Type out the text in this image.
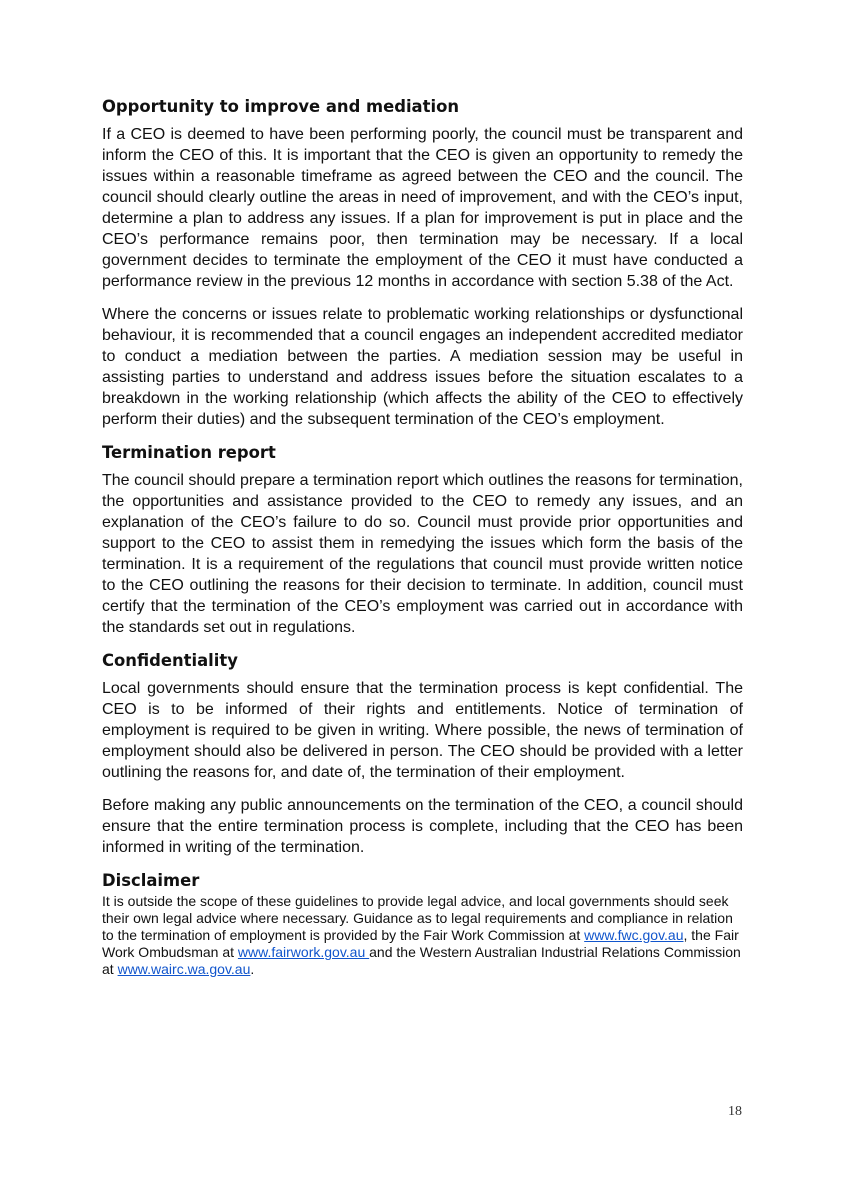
Opportunity to improve and mediation

If a CEO is deemed to have been performing poorly, the council must be transparent and inform the CEO of this. It is important that the CEO is given an opportunity to remedy the issues within a reasonable timeframe as agreed between the CEO and the council. The council should clearly outline the areas in need of improvement, and with the CEO’s input, determine a plan to address any issues. If a plan for improvement is put in place and the CEO’s performance remains poor, then termination may be necessary. If a local government decides to terminate the employment of the CEO it must have conducted a performance review in the previous 12 months in accordance with section 5.38 of the Act.

Where the concerns or issues relate to problematic working relationships or dysfunctional behaviour, it is recommended that a council engages an independent accredited mediator to conduct a mediation between the parties. A mediation session may be useful in assisting parties to understand and address issues before the situation escalates to a breakdown in the working relationship (which affects the ability of the CEO to effectively perform their duties) and the subsequent termination of the CEO’s employment.

Termination report

The council should prepare a termination report which outlines the reasons for termination, the opportunities and assistance provided to the CEO to remedy any issues, and an explanation of the CEO’s failure to do so. Council must provide prior opportunities and support to the CEO to assist them in remedying the issues which form the basis of the termination. It is a requirement of the regulations that council must provide written notice to the CEO outlining the reasons for their decision to terminate. In addition, council must certify that the termination of the CEO’s employment was carried out in accordance with the standards set out in regulations.

Confidentiality

Local governments should ensure that the termination process is kept confidential. The CEO is to be informed of their rights and entitlements. Notice of termination of employment is required to be given in writing. Where possible, the news of termination of employment should also be delivered in person. The CEO should be provided with a letter outlining the reasons for, and date of, the termination of their employment.

Before making any public announcements on the termination of the CEO, a council should ensure that the entire termination process is complete, including that the CEO has been informed in writing of the termination.

Disclaimer

It is outside the scope of these guidelines to provide legal advice, and local governments should seek their own legal advice where necessary. Guidance as to legal requirements and compliance in relation to the termination of employment is provided by the Fair Work Commission at www.fwc.gov.au, the Fair Work Ombudsman at www.fairwork.gov.au and the Western Australian Industrial Relations Commission at www.wairc.wa.gov.au.

18
